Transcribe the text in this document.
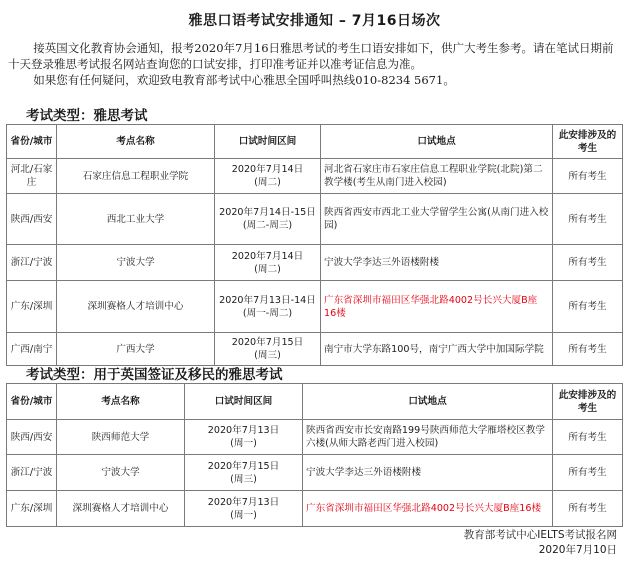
雅思口语考试安排通知 – 7月16日场次

接英国文化教育协会通知，报考2020年7月16日雅思考试的考生口语安排如下，供广大考生参考。请在笔试日期前十天登录雅思考试报名网站查询您的口试安排，打印准考证并以准考证信息为准。

如果您有任何疑问，欢迎致电教育部考试中心雅思全国呼叫热线010-8234 5671。

考试类型：雅思考试
省份/城市	考点名称	口试时间区间	口试地点	此安排涉及的考生
河北/石家庄	石家庄信息工程职业学院	2020年7月14日
(周二)	河北省石家庄市石家庄信息工程职业学院(北院)第二教学楼(考生从南门进入校园)	所有考生
陕西/西安	西北工业大学	2020年7月14日-15日
(周二-周三)	陕西省西安市西北工业大学留学生公寓(从南门进入校园)	所有考生
浙江/宁波	宁波大学	2020年7月14日
(周二)	宁波大学李达三外语楼附楼	所有考生
广东/深圳	深圳赛格人才培训中心	2020年7月13日-14日
(周一-周二)	广东省深圳市福田区华强北路4002号长兴大厦B座16楼	所有考生
广西/南宁	广西大学	2020年7月15日
(周三)	南宁市大学东路100号，南宁广西大学中加国际学院	所有考生
考试类型：用于英国签证及移民的雅思考试
省份/城市	考点名称	口试时间区间	口试地点	此安排涉及的考生
陕西/西安	陕西师范大学	2020年7月13日
(周一)	陕西省西安市长安南路199号陕西师范大学雁塔校区教学六楼(从师大路老西门进入校园)	所有考生
浙江/宁波	宁波大学	2020年7月15日
(周三)	宁波大学李达三外语楼附楼	所有考生
广东/深圳	深圳赛格人才培训中心	2020年7月13日
(周一)	广东省深圳市福田区华强北路4002号长兴大厦B座16楼	所有考生
教育部考试中心IELTS考试报名网
2020年7月10日
